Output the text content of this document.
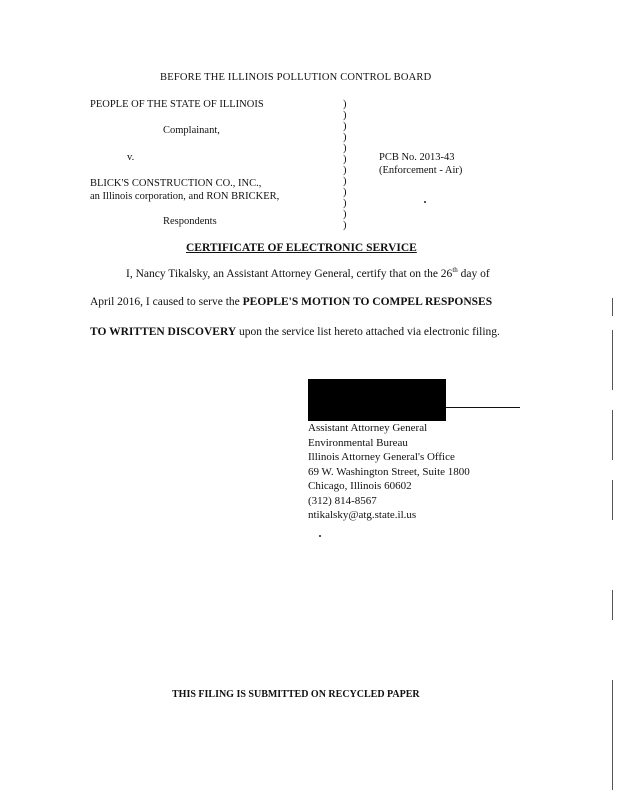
BEFORE THE ILLINOIS POLLUTION CONTROL BOARD
PEOPLE OF THE STATE OF ILLINOIS
Complainant,
v.
BLICK'S CONSTRUCTION CO., INC.,
an Illinois corporation, and RON BRICKER,
Respondents
)
)
)
)
)
)
)
)
)
)
)
)
PCB No. 2013-43
(Enforcement - Air)
CERTIFICATE OF ELECTRONIC SERVICE
I, Nancy Tikalsky, an Assistant Attorney General, certify that on the 26th day of
April 2016, I caused to serve the PEOPLE'S MOTION TO COMPEL RESPONSES
TO WRITTEN DISCOVERY upon the service list hereto attached via electronic filing.
Assistant Attorney General
Environmental Bureau
Illinois Attorney General's Office
69 W. Washington Street, Suite 1800
Chicago, Illinois 60602
(312) 814-8567
ntikalsky@atg.state.il.us
THIS FILING IS SUBMITTED ON RECYCLED PAPER
